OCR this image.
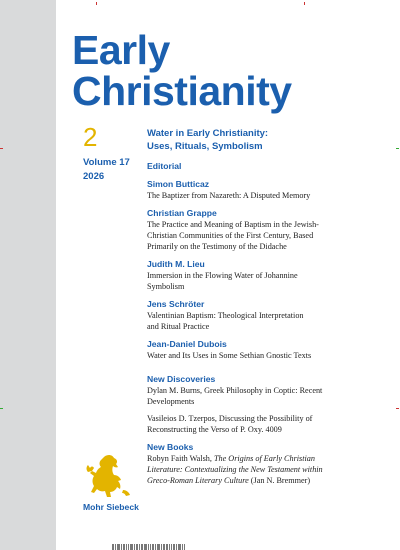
Early
Christianity
2
Volume 17
2026
Water in Early Christianity:
Uses, Rituals, Symbolism
Editorial
Simon Butticaz
The Baptizer from Nazareth: A Disputed Memory
Christian Grappe
The Practice and Meaning of Baptism in the Jewish-
Christian Communities of the First Century, Based
Primarily on the Testimony of the Didache
Judith M. Lieu
Immersion in the Flowing Water of Johannine
Symbolism
Jens Schröter
Valentinian Baptism: Theological Interpretation
and Ritual Practice
Jean-Daniel Dubois
Water and Its Uses in Some Sethian Gnostic Texts
New Discoveries
Dylan M. Burns, Greek Philosophy in Coptic: Recent
Developments
Vasileios D. Tzerpos, Discussing the Possibility of
Reconstructing the Verso of P. Oxy. 4009
New Books
Robyn Faith Walsh, The Origins of Early Christian
Literature: Contextualizing the New Testament within
Greco-Roman Literary Culture (Jan N. Bremmer)
Mohr Siebeck
